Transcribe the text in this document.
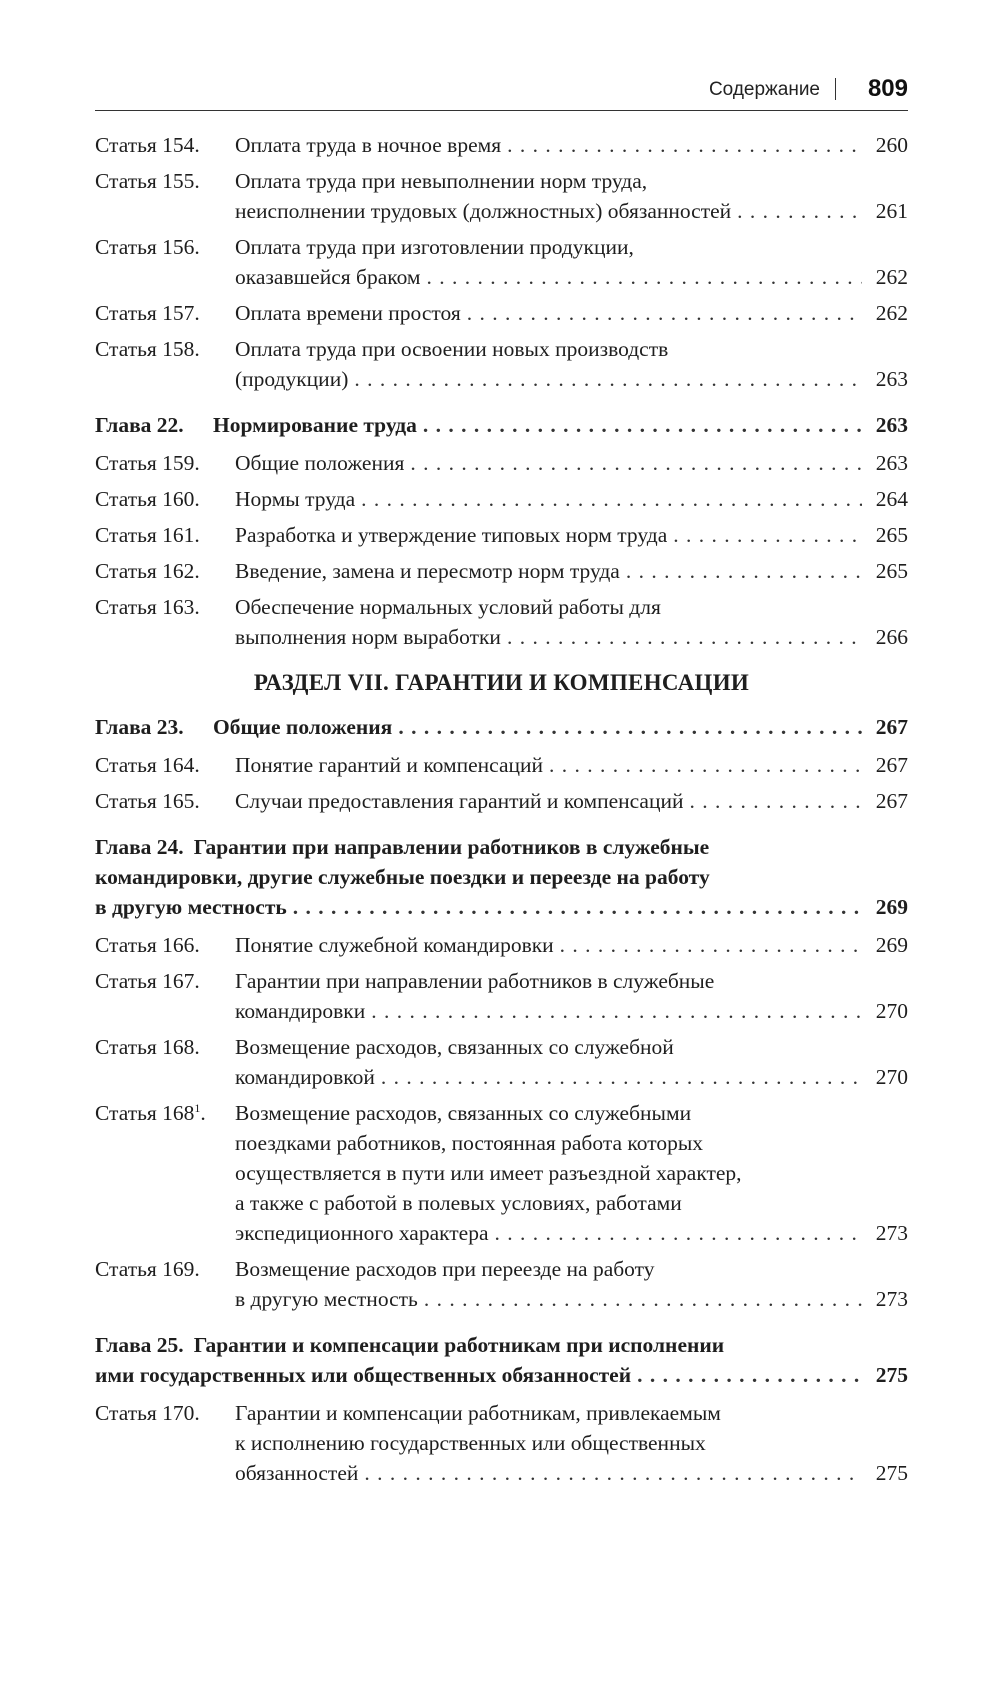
Содержание 809
Статья 154.	Оплата труда в ночное время . . .	260
Статья 155.	Оплата труда при невыполнении норм труда,
неисполнении трудовых (должностных) обязанностей . . .	261
Статья 156.	Оплата труда при изготовлении продукции,
оказавшейся браком . . .	262
Статья 157.	Оплата времени простоя . . .	262
Статья 158.	Оплата труда при освоении новых производств
(продукции) . . .	263
Глава 22.	Нормирование труда . . .	263
Статья 159.	Общие положения . . .	263
Статья 160.	Нормы труда . . .	264
Статья 161.	Разработка и утверждение типовых норм труда . . .	265
Статья 162.	Введение, замена и пересмотр норм труда . . .	265
Статья 163.	Обеспечение нормальных условий работы для
выполнения норм выработки . . .	266
РАЗДЕЛ VII. ГАРАНТИИ И КОМПЕНСАЦИИ
Глава 23.	Общие положения . . .	267
Статья 164.	Понятие гарантий и компенсаций . . .	267
Статья 165.	Случаи предоставления гарантий и компенсаций . . .	267
Глава 24. Гарантии при направлении работников в служебные
командировки, другие служебные поездки и переезде на работу
в другую местность . . .	269
Статья 166.	Понятие служебной командировки . . .	269
Статья 167.	Гарантии при направлении работников в служебные
командировки . . .	270
Статья 168.	Возмещение расходов, связанных со служебной
командировкой . . .	270
Статья $168^1$.	Возмещение расходов, связанных со служебными
поездками работников, постоянная работа которых
осуществляется в пути или имеет разъездной характер,
а также с работой в полевых условиях, работами
экспедиционного характера . . .	273
Статья 169.	Возмещение расходов при переезде на работу
в другую местность . . .	273
Глава 25. Гарантии и компенсации работникам при исполнении
ими государственных или общественных обязанностей . . .	275
Статья 170.	Гарантии и компенсации работникам, привлекаемым
к исполнению государственных или общественных
обязанностей . . .	275
